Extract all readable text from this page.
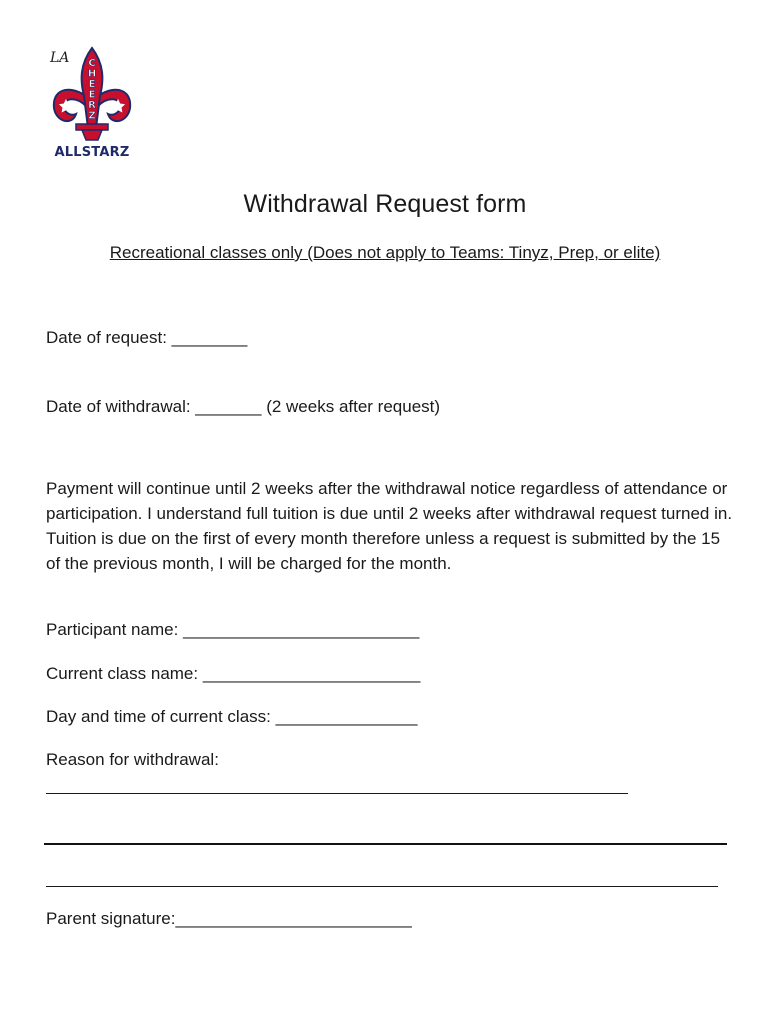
LA C
H
E
E
R
Z
ALLSTARZ
Withdrawal Request form
Recreational classes only (Does not apply to Teams: Tinyz, Prep, or elite)
Date of request: ________
Date of withdrawal: _______ (2 weeks after request)
Payment will continue until 2 weeks after the withdrawal notice regardless of attendance or participation. I understand full tuition is due until 2 weeks after withdrawal request turned in. Tuition is due on the first of every month therefore unless a request is submitted by the 15 of the previous month, I will be charged for the month.
Participant name: _________________________
Current class name: _______________________
Day and time of current class: _______________
Reason for withdrawal:
Parent signature:_________________________
